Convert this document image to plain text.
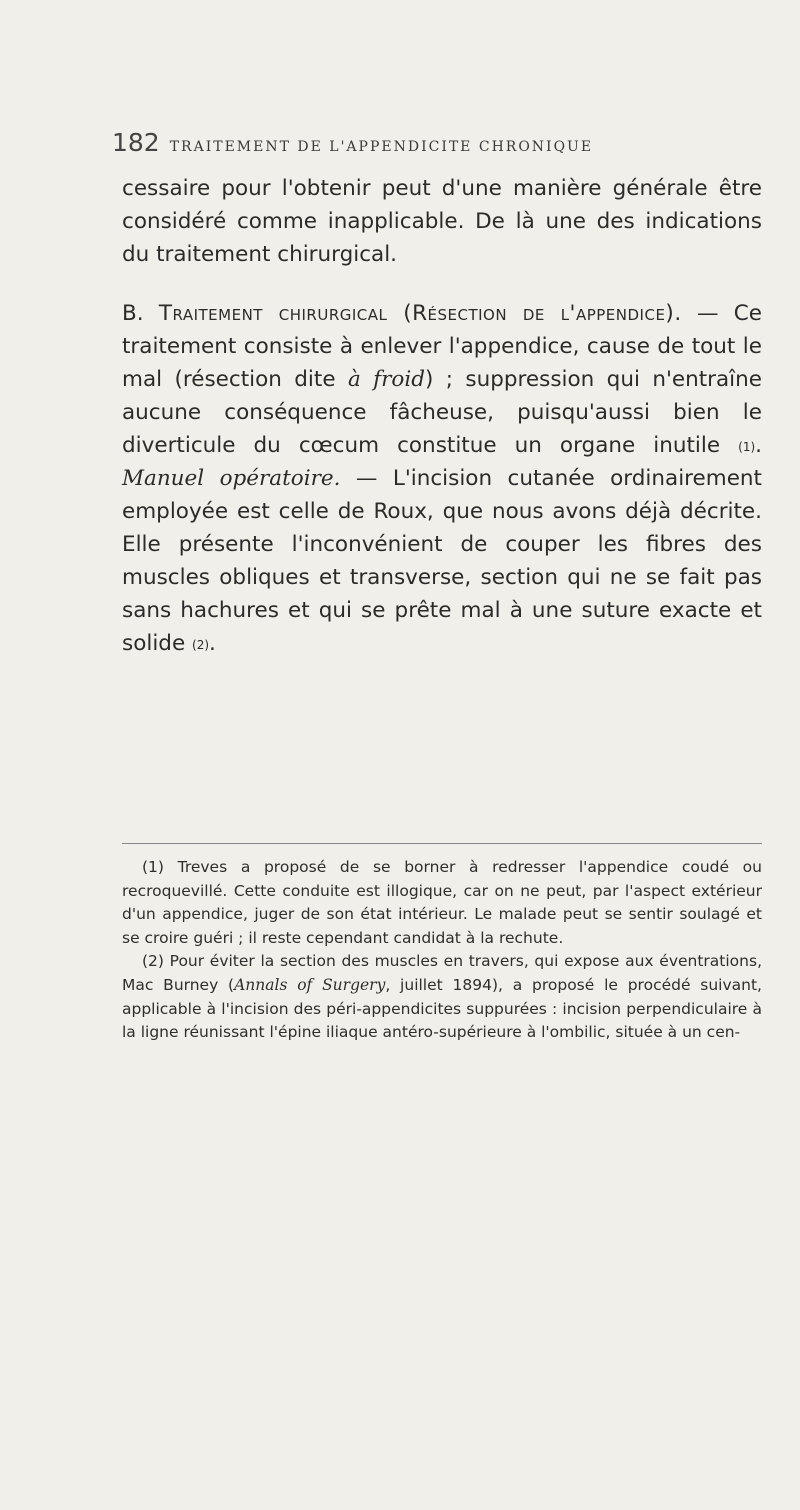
182 TRAITEMENT DE L'APPENDICITE CHRONIQUE

cessaire pour l'obtenir peut d'une manière générale être considéré comme inapplicable. De là une des indications du traitement chirurgical.

B. Traitement chirurgical (Résection de l'appendice). — Ce traitement consiste à enlever l'appendice, cause de tout le mal (résection dite à froid) ; suppression qui n'entraîne aucune conséquence fâcheuse, puisqu'aussi bien le diverticule du cœcum constitue un organe inutile $^{(1)}$. Manuel opératoire. — L'incision cutanée ordinairement employée est celle de Roux, que nous avons déjà décrite. Elle présente l'inconvénient de couper les fibres des muscles obliques et transverse, section qui ne se fait pas sans hachures et qui se prête mal à une suture exacte et solide $^{(2)}$.

(1) Treves a proposé de se borner à redresser l'appendice coudé ou recroquevillé. Cette conduite est illogique, car on ne peut, par l'aspect extérieur d'un appendice, juger de son état intérieur. Le malade peut se sentir soulagé et se croire guéri ; il reste cependant candidat à la rechute.

(2) Pour éviter la section des muscles en travers, qui expose aux éventrations, Mac Burney (Annals of Surgery, juillet 1894), a proposé le procédé suivant, applicable à l'incision des péri-appendicites suppurées : incision perpendiculaire à la ligne réunissant l'épine iliaque antéro-supérieure à l'ombilic, située à un cen-
